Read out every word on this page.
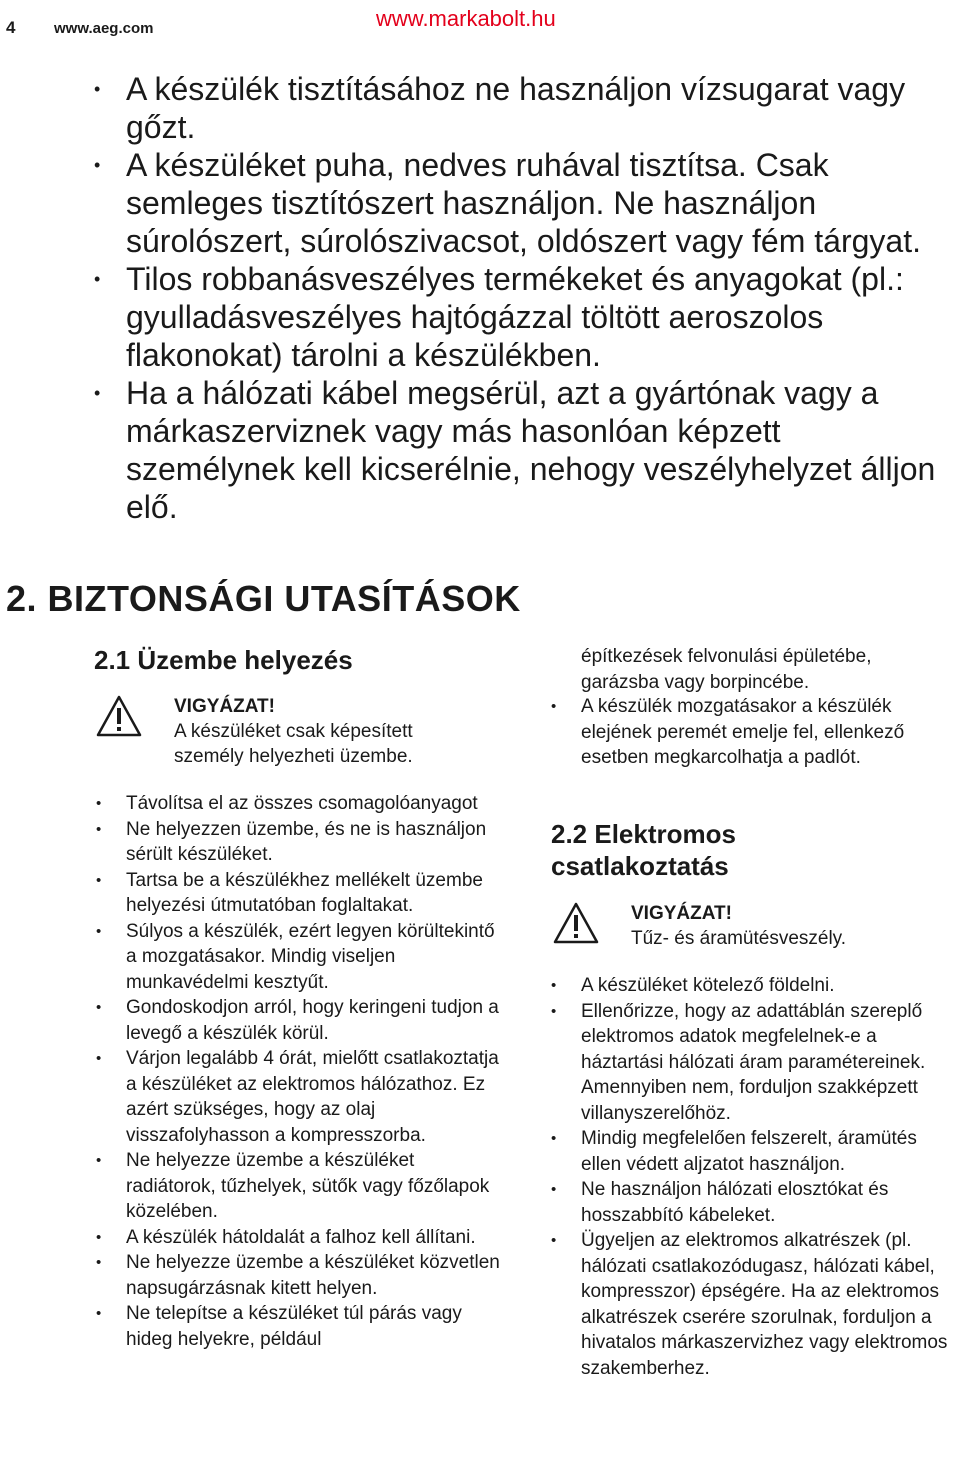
4	www.aeg.com	www.markabolt.hu
• A készülék tisztításához ne használjon vízsugarat vagy gőzt.
• A készüléket puha, nedves ruhával tisztítsa. Csak semleges tisztítószert használjon. Ne használjon súrolószert, súrolószivacsot, oldószert vagy fém tárgyat.
• Tilos robbanásveszélyes termékeket és anyagokat (pl.: gyulladásveszélyes hajtógázzal töltött aeroszolos flakonokat) tárolni a készülékben.
• Ha a hálózati kábel megsérül, azt a gyártónak vagy a márkaszerviznek vagy más hasonlóan képzett személynek kell kicserélnie, nehogy veszélyhelyzet álljon elő.
2. BIZTONSÁGI UTASÍTÁSOK
2.1 Üzembe helyezés
VIGYÁZAT!
A készüléket csak képesített személy helyezheti üzembe.
• Távolítsa el az összes csomagolóanyagot
• Ne helyezzen üzembe, és ne is használjon sérült készüléket.
• Tartsa be a készülékhez mellékelt üzembe helyezési útmutatóban foglaltakat.
• Súlyos a készülék, ezért legyen körültekintő a mozgatásakor. Mindig viseljen munkavédelmi kesztyűt.
• Gondoskodjon arról, hogy keringeni tudjon a levegő a készülék körül.
• Várjon legalább 4 órát, mielőtt csatlakoztatja a készüléket az elektromos hálózathoz. Ez azért szükséges, hogy az olaj visszafolyhasson a kompresszorba.
• Ne helyezze üzembe a készüléket radiátorok, tűzhelyek, sütők vagy főzőlapok közelében.
• A készülék hátoldalát a falhoz kell állítani.
• Ne helyezze üzembe a készüléket közvetlen napsugárzásnak kitett helyen.
• Ne telepítse a készüléket túl párás vagy hideg helyekre, például
építkezések felvonulási épületébe, garázsba vagy borpincébe.
• A készülék mozgatásakor a készülék elejének peremét emelje fel, ellenkező esetben megkarcolhatja a padlót.
2.2 Elektromos csatlakoztatás
VIGYÁZAT!
Tűz- és áramütésveszély.
• A készüléket kötelező földelni.
• Ellenőrizze, hogy az adattáblán szereplő elektromos adatok megfelelnek-e a háztartási hálózati áram paramétereinek. Amennyiben nem, forduljon szakképzett villanyszerelőhöz.
• Mindig megfelelően felszerelt, áramütés ellen védett aljzatot használjon.
• Ne használjon hálózati elosztókat és hosszabbító kábeleket.
• Ügyeljen az elektromos alkatrészek (pl. hálózati csatlakozódugasz, hálózati kábel, kompresszor) épségére. Ha az elektromos alkatrészek cserére szorulnak, forduljon a hivatalos márkaszervizhez vagy elektromos szakemberhez.
